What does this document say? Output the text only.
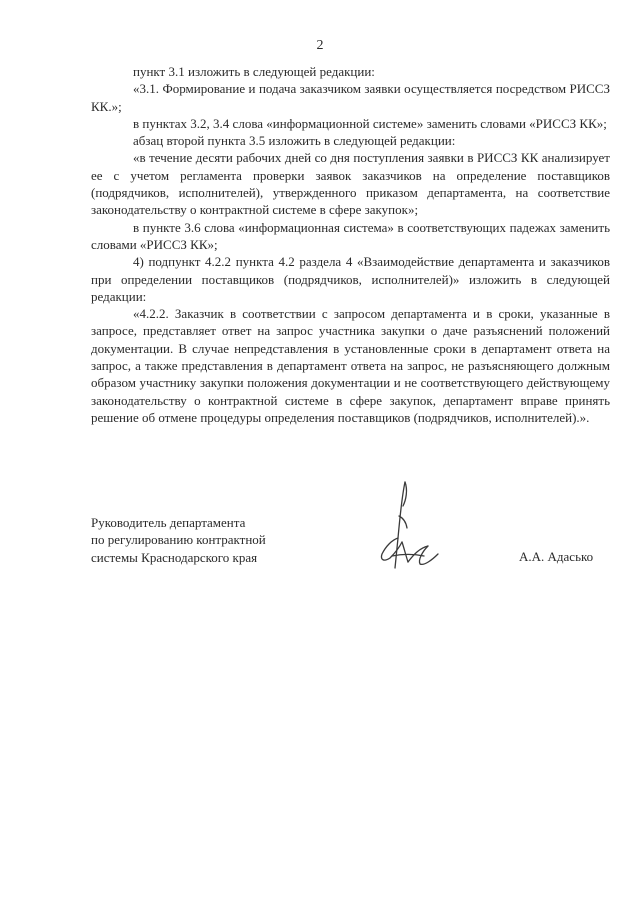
2

пункт 3.1 изложить в следующей редакции:

«3.1. Формирование и подача заказчиком заявки осуществляется посредством РИССЗ КК.»;

в пунктах 3.2, 3.4 слова «информационной системе» заменить словами «РИССЗ КК»;

абзац второй пункта 3.5 изложить в следующей редакции:

«в течение десяти рабочих дней со дня поступления заявки в РИССЗ КК анализирует ее с учетом регламента проверки заявок заказчиков на определение поставщиков (подрядчиков, исполнителей), утвержденного приказом департамента, на соответствие законодательству о контрактной системе в сфере закупок»;

в пункте 3.6 слова «информационная система» в соответствующих падежах заменить словами «РИССЗ КК»;

4) подпункт 4.2.2 пункта 4.2 раздела 4 «Взаимодействие департамента и заказчиков при определении поставщиков (подрядчиков, исполнителей)» изложить в следующей редакции:

«4.2.2. Заказчик в соответствии с запросом департамента и в сроки, указанные в запросе, представляет ответ на запрос участника закупки о даче разъяснений положений документации. В случае непредставления в установленные сроки в департамент ответа на запрос, а также представления в департамент ответа на запрос, не разъясняющего должным образом участнику закупки положения документации и не соответствующего действующему законодательству о контрактной системе в сфере закупок, департамент вправе принять решение об отмене процедуры определения поставщиков (подрядчиков, исполнителей).».

Руководитель департамента
по регулированию контрактной
системы Краснодарского края	А.А. Адасько
